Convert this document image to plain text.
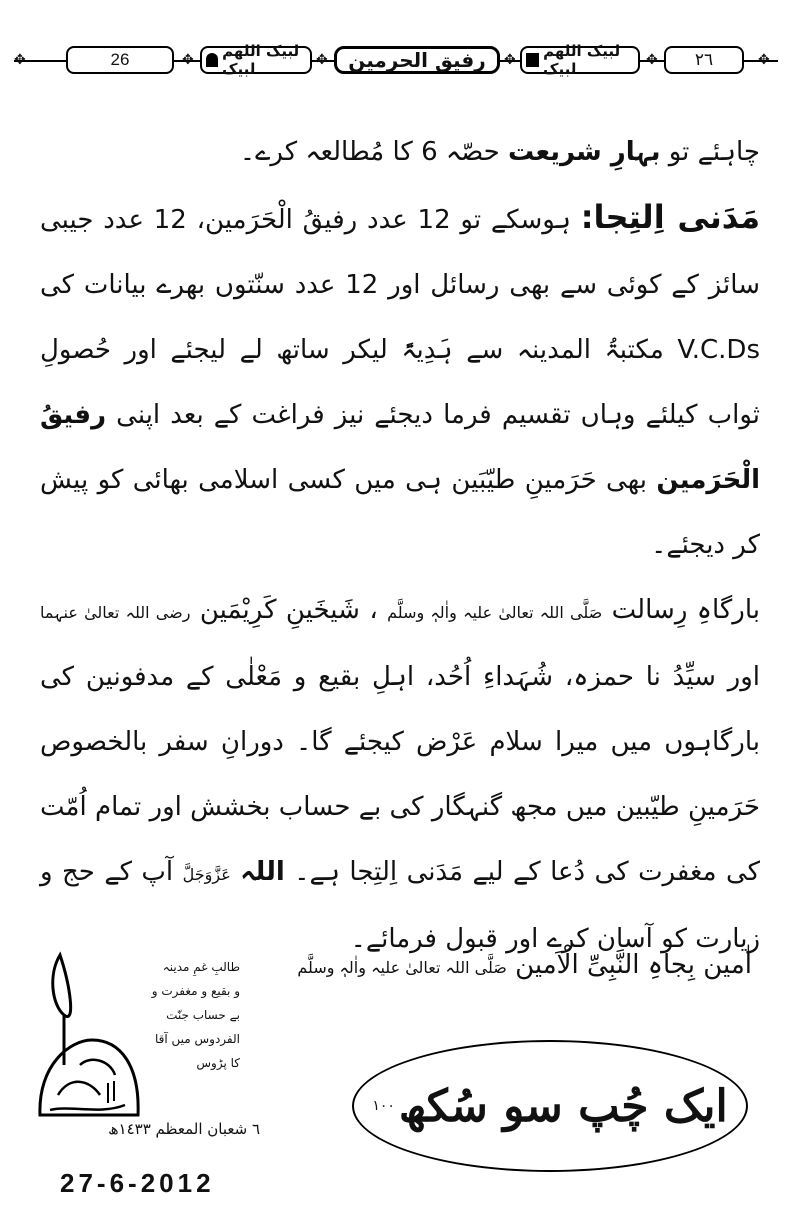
✥	26	✥ لبیک اللھم لبیک	✥	رفیق الحرمین	✥ لبیک اللھم لبیک	✥	٢٦	✥

چاہئے تو بہارِ شریعت حصّہ 6 کا مُطالعہ کرے۔

مَدَنی اِلتِجا: ہوسکے تو 12 عدد رفیقُ الْحَرَمین، 12 عدد جیبی سائز کے کوئی سے بھی رسائل اور 12 عدد سنّتوں بھرے بیانات کی V.C.Ds مکتبۃُ المدینہ سے ہَدِیۃً لیکر ساتھ لے لیجئے اور حُصولِ ثواب کیلئے وہاں تقسیم فرما دیجئے نیز فراغت کے بعد اپنی رفیقُ الْحَرَمین بھی حَرَمینِ طیّبَین ہی میں کسی اسلامی بھائی کو پیش کر دیجئے۔

بارگاہِ رِسالت صَلَّی اللہ تعالیٰ علیہ واٰلہٖ وسلَّم ، شَیخَینِ کَرِیْمَین رضی اللہ تعالیٰ عنہما اور سیِّدُ نا حمزہ، شُہَداءِ اُحُد، اہلِ بقیع و مَعْلٰی کے مدفونین کی بارگاہوں میں میرا سلام عَرْض کیجئے گا۔ دورانِ سفر بالخصوص حَرَمینِ طیّبین میں مجھ گنہگار کی بے حساب بخشش اور تمام اُمّت کی مغفرت کی دُعا کے لیے مَدَنی اِلتِجا ہے۔ اللہ عَزَّوَجَلَّ آپ کے حج و زیارت کو آسان کرے اور قبول فرمائے۔

اٰمین بِجاہِ النَّبِیِّ الْاَمین صَلَّی اللہ تعالیٰ علیہ واٰلہٖ وسلَّم
طالبِ غمِ مدینہ
و بقیع و مغفرت و
بے حساب جنّت
الفردوس میں آقا
کا پڑوس
٦ شعبان المعظم ١٤٣٣ھ
27-6-2012
ایک چُپ سو سُکھ
١٠٠
